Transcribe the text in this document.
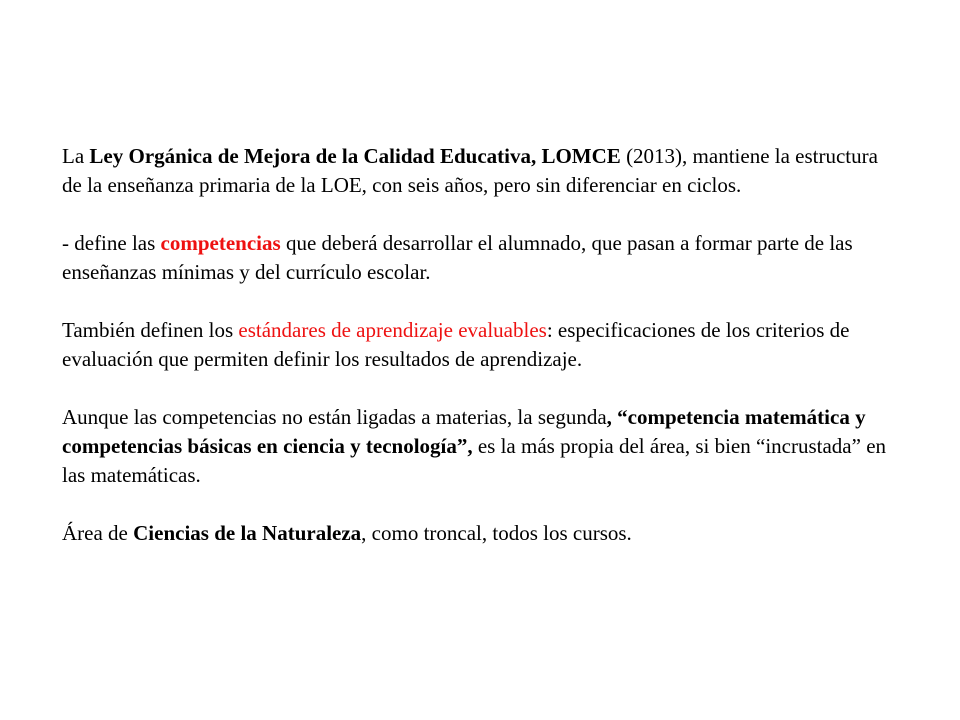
La Ley Orgánica de Mejora de la Calidad Educativa, LOMCE (2013), mantiene la estructura de la enseñanza primaria de la LOE, con seis años, pero sin diferenciar en ciclos.

- define las competencias que deberá desarrollar el alumnado, que pasan a formar parte de las enseñanzas mínimas y del currículo escolar.

También definen los estándares de aprendizaje evaluables: especificaciones de los criterios de evaluación que permiten definir los resultados de aprendizaje.

Aunque las competencias no están ligadas a materias, la segunda, “competencia matemática y competencias básicas en ciencia y tecnología”, es la más propia del área, si bien “incrustada” en las matemáticas.

Área de Ciencias de la Naturaleza, como troncal, todos los cursos.
